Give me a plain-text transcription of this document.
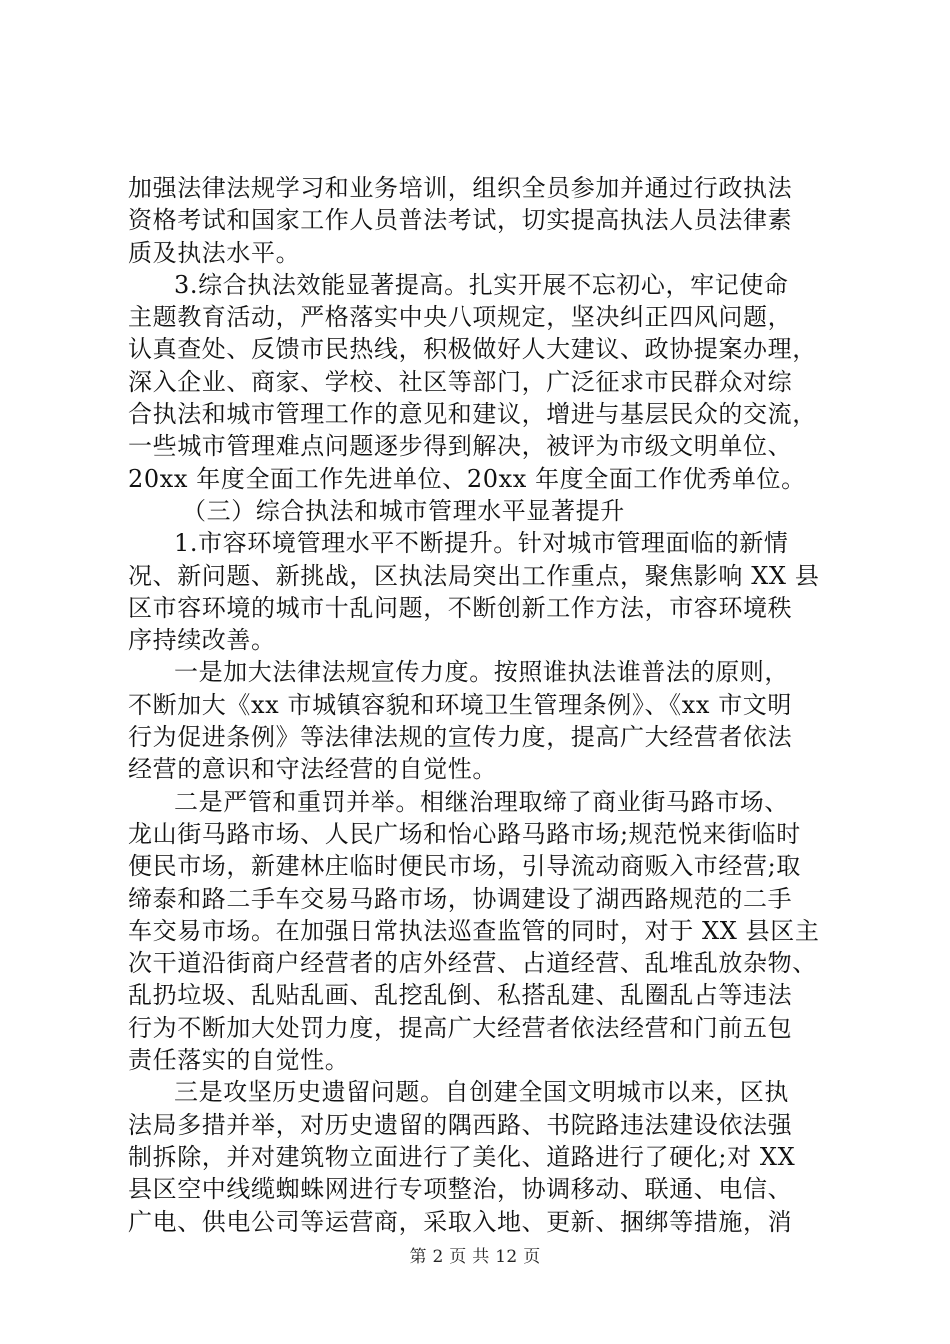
加强法律法规学习和业务培训，组织全员参加并通过行政执法
资格考试和国家工作人员普法考试，切实提高执法人员法律素
质及执法水平。
3.综合执法效能显著提高。扎实开展不忘初心，牢记使命
主题教育活动，严格落实中央八项规定，坚决纠正四风问题，
认真查处、反馈市民热线，积极做好人大建议、政协提案办理，
深入企业、商家、学校、社区等部门，广泛征求市民群众对综
合执法和城市管理工作的意见和建议，增进与基层民众的交流，
一些城市管理难点问题逐步得到解决，被评为市级文明单位、
20xx 年度全面工作先进单位、20xx 年度全面工作优秀单位。
（三）综合执法和城市管理水平显著提升
1.市容环境管理水平不断提升。针对城市管理面临的新情
况、新问题、新挑战，区执法局突出工作重点，聚焦影响 XX 县
区市容环境的城市十乱问题，不断创新工作方法，市容环境秩
序持续改善。
一是加大法律法规宣传力度。按照谁执法谁普法的原则，
不断加大《xx 市城镇容貌和环境卫生管理条例》、《xx 市文明
行为促进条例》等法律法规的宣传力度，提高广大经营者依法
经营的意识和守法经营的自觉性。
二是严管和重罚并举。相继治理取缔了商业街马路市场、
龙山街马路市场、人民广场和怡心路马路市场;规范悦来街临时
便民市场，新建林庄临时便民市场，引导流动商贩入市经营;取
缔泰和路二手车交易马路市场，协调建设了湖西路规范的二手
车交易市场。在加强日常执法巡查监管的同时，对于 XX 县区主
次干道沿街商户经营者的店外经营、占道经营、乱堆乱放杂物、
乱扔垃圾、乱贴乱画、乱挖乱倒、私搭乱建、乱圈乱占等违法
行为不断加大处罚力度，提高广大经营者依法经营和门前五包
责任落实的自觉性。
三是攻坚历史遗留问题。自创建全国文明城市以来，区执
法局多措并举，对历史遗留的隅西路、书院路违法建设依法强
制拆除，并对建筑物立面进行了美化、道路进行了硬化;对 XX
县区空中线缆蜘蛛网进行专项整治，协调移动、联通、电信、
广电、供电公司等运营商，采取入地、更新、捆绑等措施，消
第 2 页 共 12 页
